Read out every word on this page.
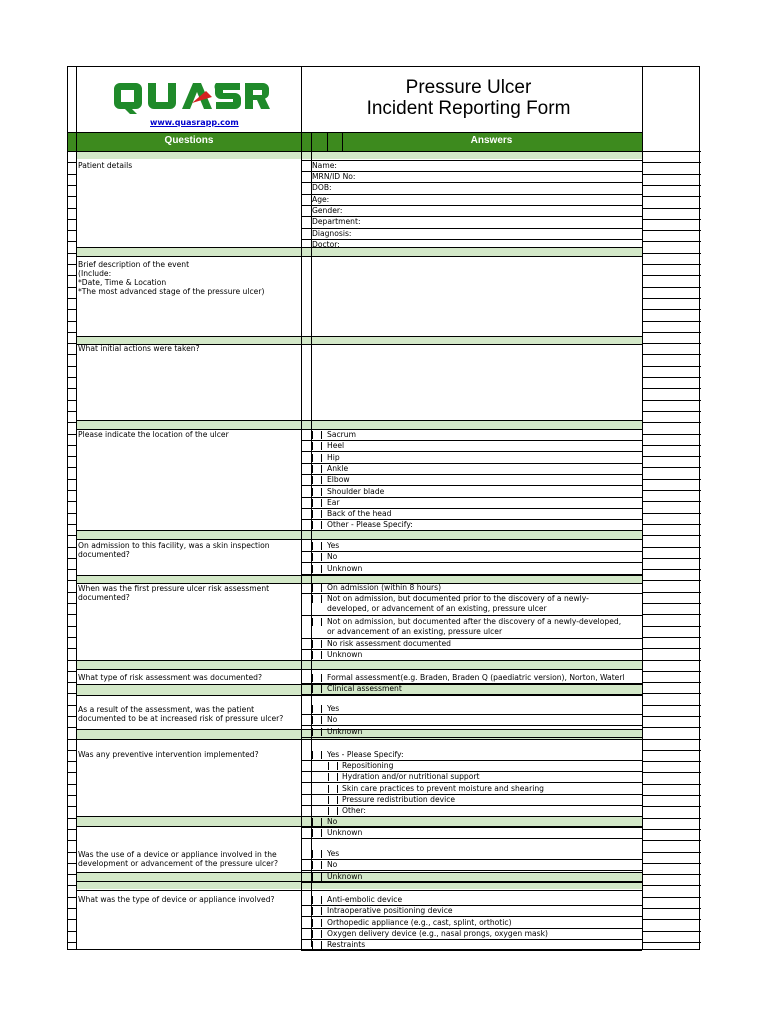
www.quasrapp.com
Pressure Ulcer
Incident Reporting Form
Questions	Answers
Patient details
Brief description of the event
(Include:
*Date, Time & Location
*The most advanced stage of the pressure ulcer)
What initial actions were taken?
Please indicate the location of the ulcer
On admission to this facility, was a skin inspection
documented?
When was the first pressure ulcer risk assessment
documented?
What type of risk assessment was documented?
As a result of the assessment, was the patient
documented to be at increased risk of pressure ulcer?
Was any preventive intervention implemented?
Was the use of a device or appliance involved in the
development or advancement of the pressure ulcer?
What was the type of device or appliance involved?
Name:
MRN/ID No:
DOB:
Age:
Gender:
Department:
Diagnosis:
Doctor:
Sacrum
Heel
Hip
Ankle
Elbow
Shoulder blade
Ear
Back of the head
Other - Please Specify:
Yes
No
Unknown
On admission (within 8 hours)
Not on admission, but documented prior to the discovery of a newly-
developed, or advancement of an existing, pressure ulcer
Not on admission, but documented after the discovery of a newly-developed,
or advancement of an existing, pressure ulcer
No risk assessment documented
Unknown
Formal assessment(e.g. Braden, Braden Q (paediatric version), Norton, Waterl
Clinical assessment
Yes
No
Unknown
Yes - Please Specify:
Repositioning
Hydration and/or nutritional support
Skin care practices to prevent moisture and shearing
Pressure redistribution device
Other:
No
Unknown
Yes
No
Unknown
Anti-embolic device
Intraoperative positioning device
Orthopedic appliance (e.g., cast, splint, orthotic)
Oxygen delivery device (e.g., nasal prongs, oxygen mask)
Restraints
